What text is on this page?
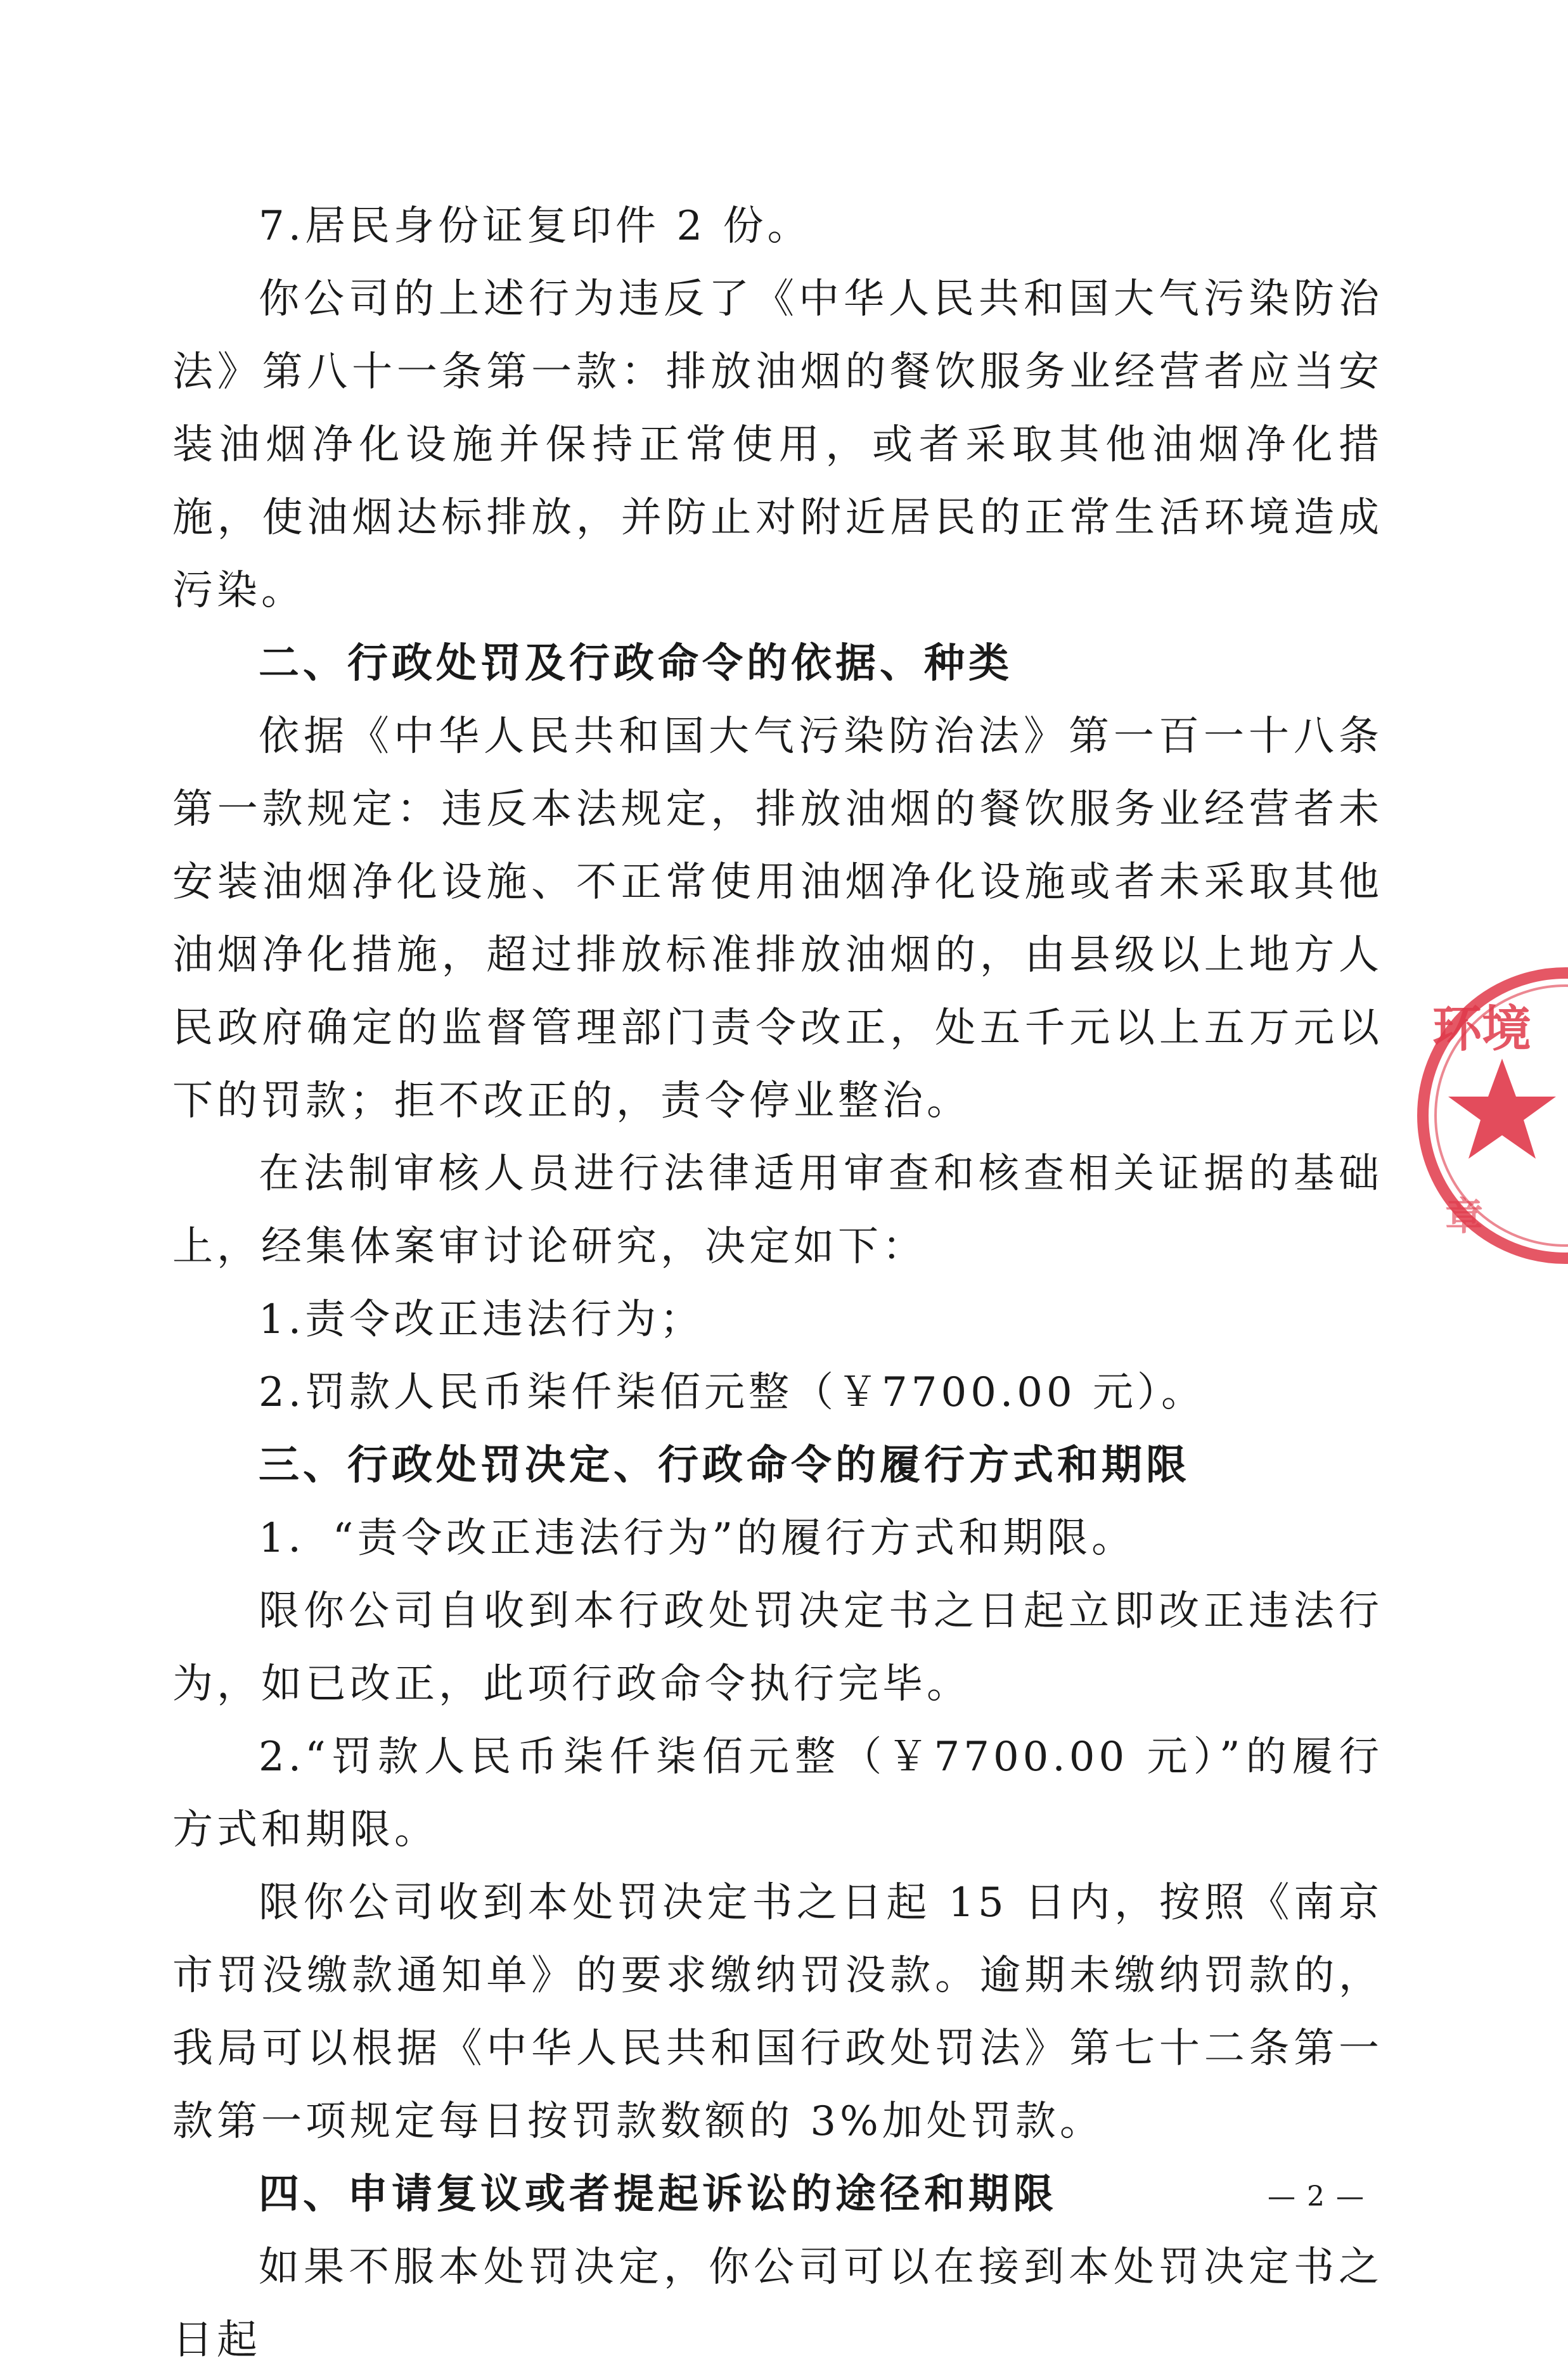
7.居民身份证复印件 2 份。

你公司的上述行为违反了《中华人民共和国大气污染防治法》第八十一条第一款：排放油烟的餐饮服务业经营者应当安装油烟净化设施并保持正常使用，或者采取其他油烟净化措施，使油烟达标排放，并防止对附近居民的正常生活环境造成污染。

二、行政处罚及行政命令的依据、种类

依据《中华人民共和国大气污染防治法》第一百一十八条第一款规定：违反本法规定，排放油烟的餐饮服务业经营者未安装油烟净化设施、不正常使用油烟净化设施或者未采取其他油烟净化措施，超过排放标准排放油烟的，由县级以上地方人民政府确定的监督管理部门责令改正，处五千元以上五万元以下的罚款；拒不改正的，责令停业整治。

在法制审核人员进行法律适用审查和核查相关证据的基础上，经集体案审讨论研究，决定如下：

1.责令改正违法行为；

2.罚款人民币柒仟柒佰元整（￥7700.00 元）。

三、行政处罚决定、行政命令的履行方式和期限

1．“责令改正违法行为”的履行方式和期限。

限你公司自收到本行政处罚决定书之日起立即改正违法行为，如已改正，此项行政命令执行完毕。

2.“罚款人民币柒仟柒佰元整（￥7700.00 元）”的履行方式和期限。

限你公司收到本处罚决定书之日起 15 日内，按照《南京市罚没缴款通知单》的要求缴纳罚没款。逾期未缴纳罚款的，我局可以根据《中华人民共和国行政处罚法》第七十二条第一款第一项规定每日按罚款数额的 3%加处罚款。

四、申请复议或者提起诉讼的途径和期限

如果不服本处罚决定，你公司可以在接到本处罚决定书之日起

环境
章
— 2 —
